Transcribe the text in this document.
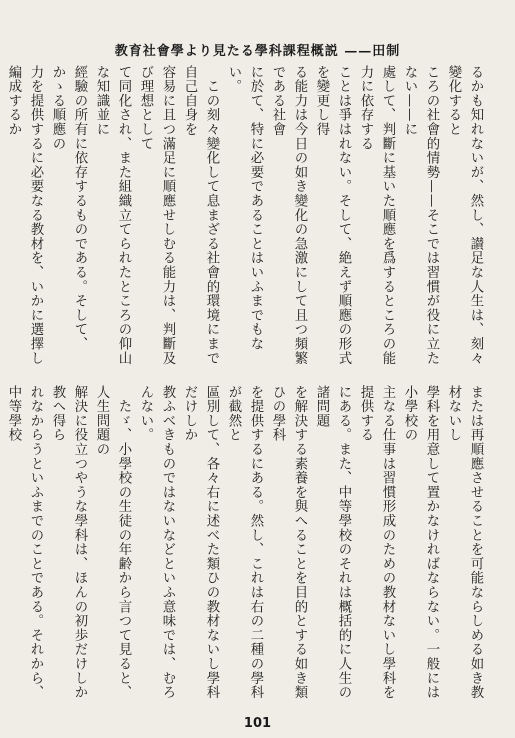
教育社會學より見たる學科課程概説 ——田制

るかも知れないが、然し、讃足な人生は、刻々變化すると

ころの社會的情勢——そこでは習慣が役に立たない——に

處して、判斷に基いた順應を爲するところの能力に依存する

ことは爭はれない。そして、絶えず順應の形式を變更し得

る能力は今日の如き變化の急激にして且つ頻繁である社會

に於て、特に必要であることはいふまでもない。

　この刻々變化して息まざる社會的環境にまで自己自身を

容易に且つ滿足に順應せしむる能力は、判斷及び理想として

て同化され、また組織立てられたところの仰山な知識並に

經驗の所有に依存するものである。そして、かゝる順應の

力を提供するに必要なる教材を、いかに選擇し編成するか

または再順應させることを可能ならしめる如き教材ないし

學科を用意して置かなければならない。一般には小學校の

主なる仕事は習慣形成のための教材ないし學科を提供する

にある。また、中等學校のそれは概括的に人生の諸問題

を解決する素養を與へることを目的とする如き類ひの學科

を提供するにある。然し、これは右の二種の學科が截然と

區別して、各々右に述べた類ひの教材ないし學科だけしか

教ふべきものではないなどといふ意味では、むろんない。

　たゞ、小學校の生徒の年齢から言つて見ると、人生問題の

解決に役立つやうな學科は、ほんの初歩だけしか教へ得ら

れなからうといふまでのことである。それから、中等學校

101
